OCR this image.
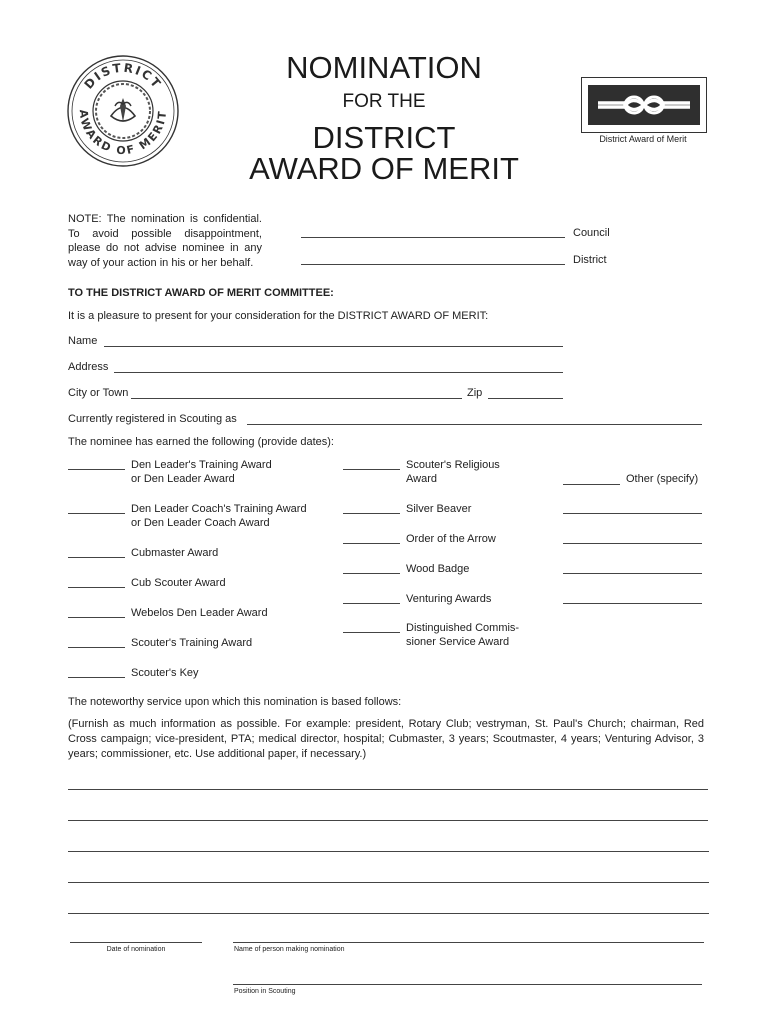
DISTRICT
AWARD OF MERIT
NOMINATION
FOR THE
DISTRICT
AWARD OF MERIT
District Award of Merit
NOTE: The nomination is confidential. To avoid possible disappointment, please do not advise nominee in any way of your action in his or her behalf.
Council
District
TO THE DISTRICT AWARD OF MERIT COMMITTEE:
It is a pleasure to present for your consideration for the DISTRICT AWARD OF MERIT:
Name
Address
City or Town	Zip
Currently registered in Scouting as
The nominee has earned the following (provide dates):
Den Leader's Training Award
or Den Leader Award
Den Leader Coach's Training Award
or Den Leader Coach Award
Cubmaster Award
Cub Scouter Award
Webelos Den Leader Award
Scouter's Training Award
Scouter's Key
Scouter's Religious
Award
Silver Beaver
Order of the Arrow
Wood Badge
Venturing Awards
Distinguished Commis-
sioner Service Award
Other (specify)
The noteworthy service upon which this nomination is based follows:
(Furnish as much information as possible. For example: president, Rotary Club; vestryman, St. Paul's Church; chairman, Red Cross campaign; vice-president, PTA; medical director, hospital; Cubmaster, 3 years; Scoutmaster, 4 years; Venturing Advisor, 3 years; commissioner, etc. Use additional paper, if necessary.)
Date of nomination	Name of person making nomination
Position in Scouting
